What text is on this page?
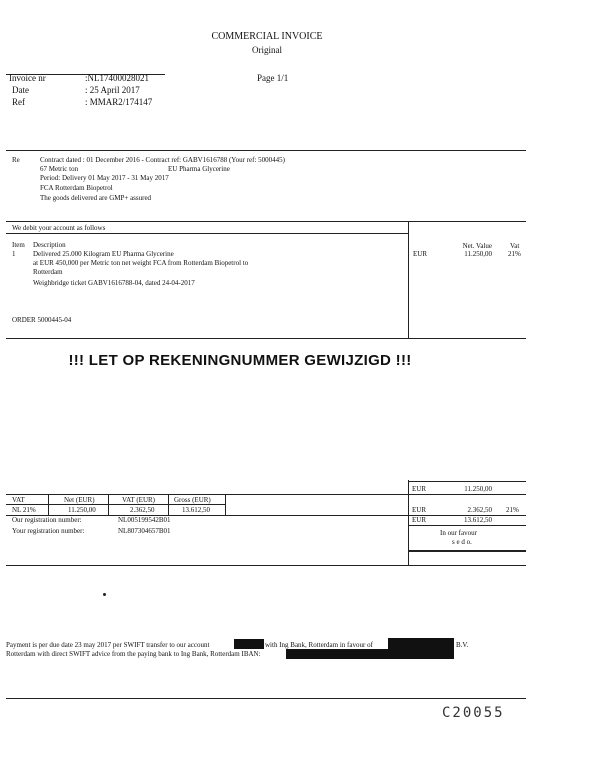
COMMERCIAL INVOICE
Original
Invoice nr	:NL17400028021	Page 1/1
Date	: 25 April 2017
Ref	: MMAR2/174147
Re	Contract dated : 01 December 2016 - Contract ref: GABV1616788 (Your ref: 5000445)
67 Metric ton	EU Pharma Glycerine
Period: Delivery 01 May 2017 - 31 May 2017
FCA Rotterdam Biopetrol
The goods delivered are GMP+ assured
We debit your account as follows
Item Description	Net. Value	Vat
1	Delivered 25.000 Kilogram EU Pharma Glycerine
at EUR 450,000 per Metric ton net weight FCA from Rotterdam Biopetrol to
Rotterdam
Weighbridge ticket GABV1616788-04, dated 24-04-2017
EUR	11.250,00 21%
ORDER 5000445-04
!!! LET OP REKENINGNUMMER GEWIJZIGD !!!
EUR	11.250,00
VAT	Net (EUR)	VAT (EUR)	Gross (EUR)
NL 21%	11.250,00	2.362,50	13.612,50	EUR	2.362,50 21%
Our registration number:	NL005199542B01	EUR	13.612,50
Your registration number:	NL807304657B01	In our favour
s e d o.
Payment is per due date 23 may 2017 per SWIFT transfer to our account	with Ing Bank, Rotterdam in favour of	B.V.
Rotterdam with direct SWIFT advice from the paying bank to Ing Bank, Rotterdam IBAN:
C20055
